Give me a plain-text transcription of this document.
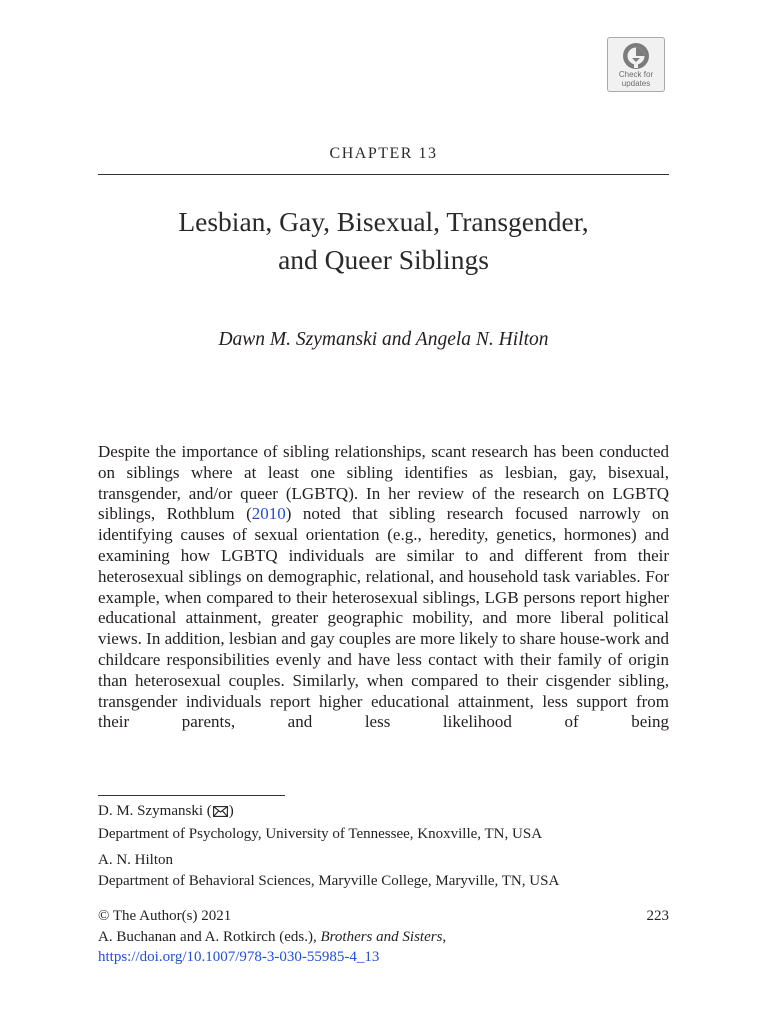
Check for
updates
CHAPTER 13
Lesbian, Gay, Bisexual, Transgender,
and Queer Siblings
Dawn M. Szymanski and Angela N. Hilton

Despite the importance of sibling relationships, scant research has been conducted on siblings where at least one sibling identifies as lesbian, gay, bisexual, transgender, and/or queer (LGBTQ). In her review of the research on LGBTQ siblings, Rothblum (2010) noted that sibling research focused narrowly on identifying causes of sexual orientation (e.g., heredity, genetics, hormones) and examining how LGBTQ individuals are similar to and different from their heterosexual siblings on demographic, relational, and household task variables. For example, when compared to their heterosexual siblings, LGB persons report higher educational attainment, greater geographic mobility, and more liberal political views. In addition, lesbian and gay couples are more likely to share house-work and childcare responsibilities evenly and have less contact with their family of origin than heterosexual couples. Similarly, when compared to their cisgender sibling, transgender individuals report higher educational attainment, less support from their parents, and less likelihood of being

D. M. Szymanski ( )

Department of Psychology, University of Tennessee, Knoxville, TN, USA

A. N. Hilton

Department of Behavioral Sciences, Maryville College, Maryville, TN, USA

223

© The Author(s) 2021

A. Buchanan and A. Rotkirch (eds.), Brothers and Sisters,

https://doi.org/10.1007/978-3-030-55985-4_13
